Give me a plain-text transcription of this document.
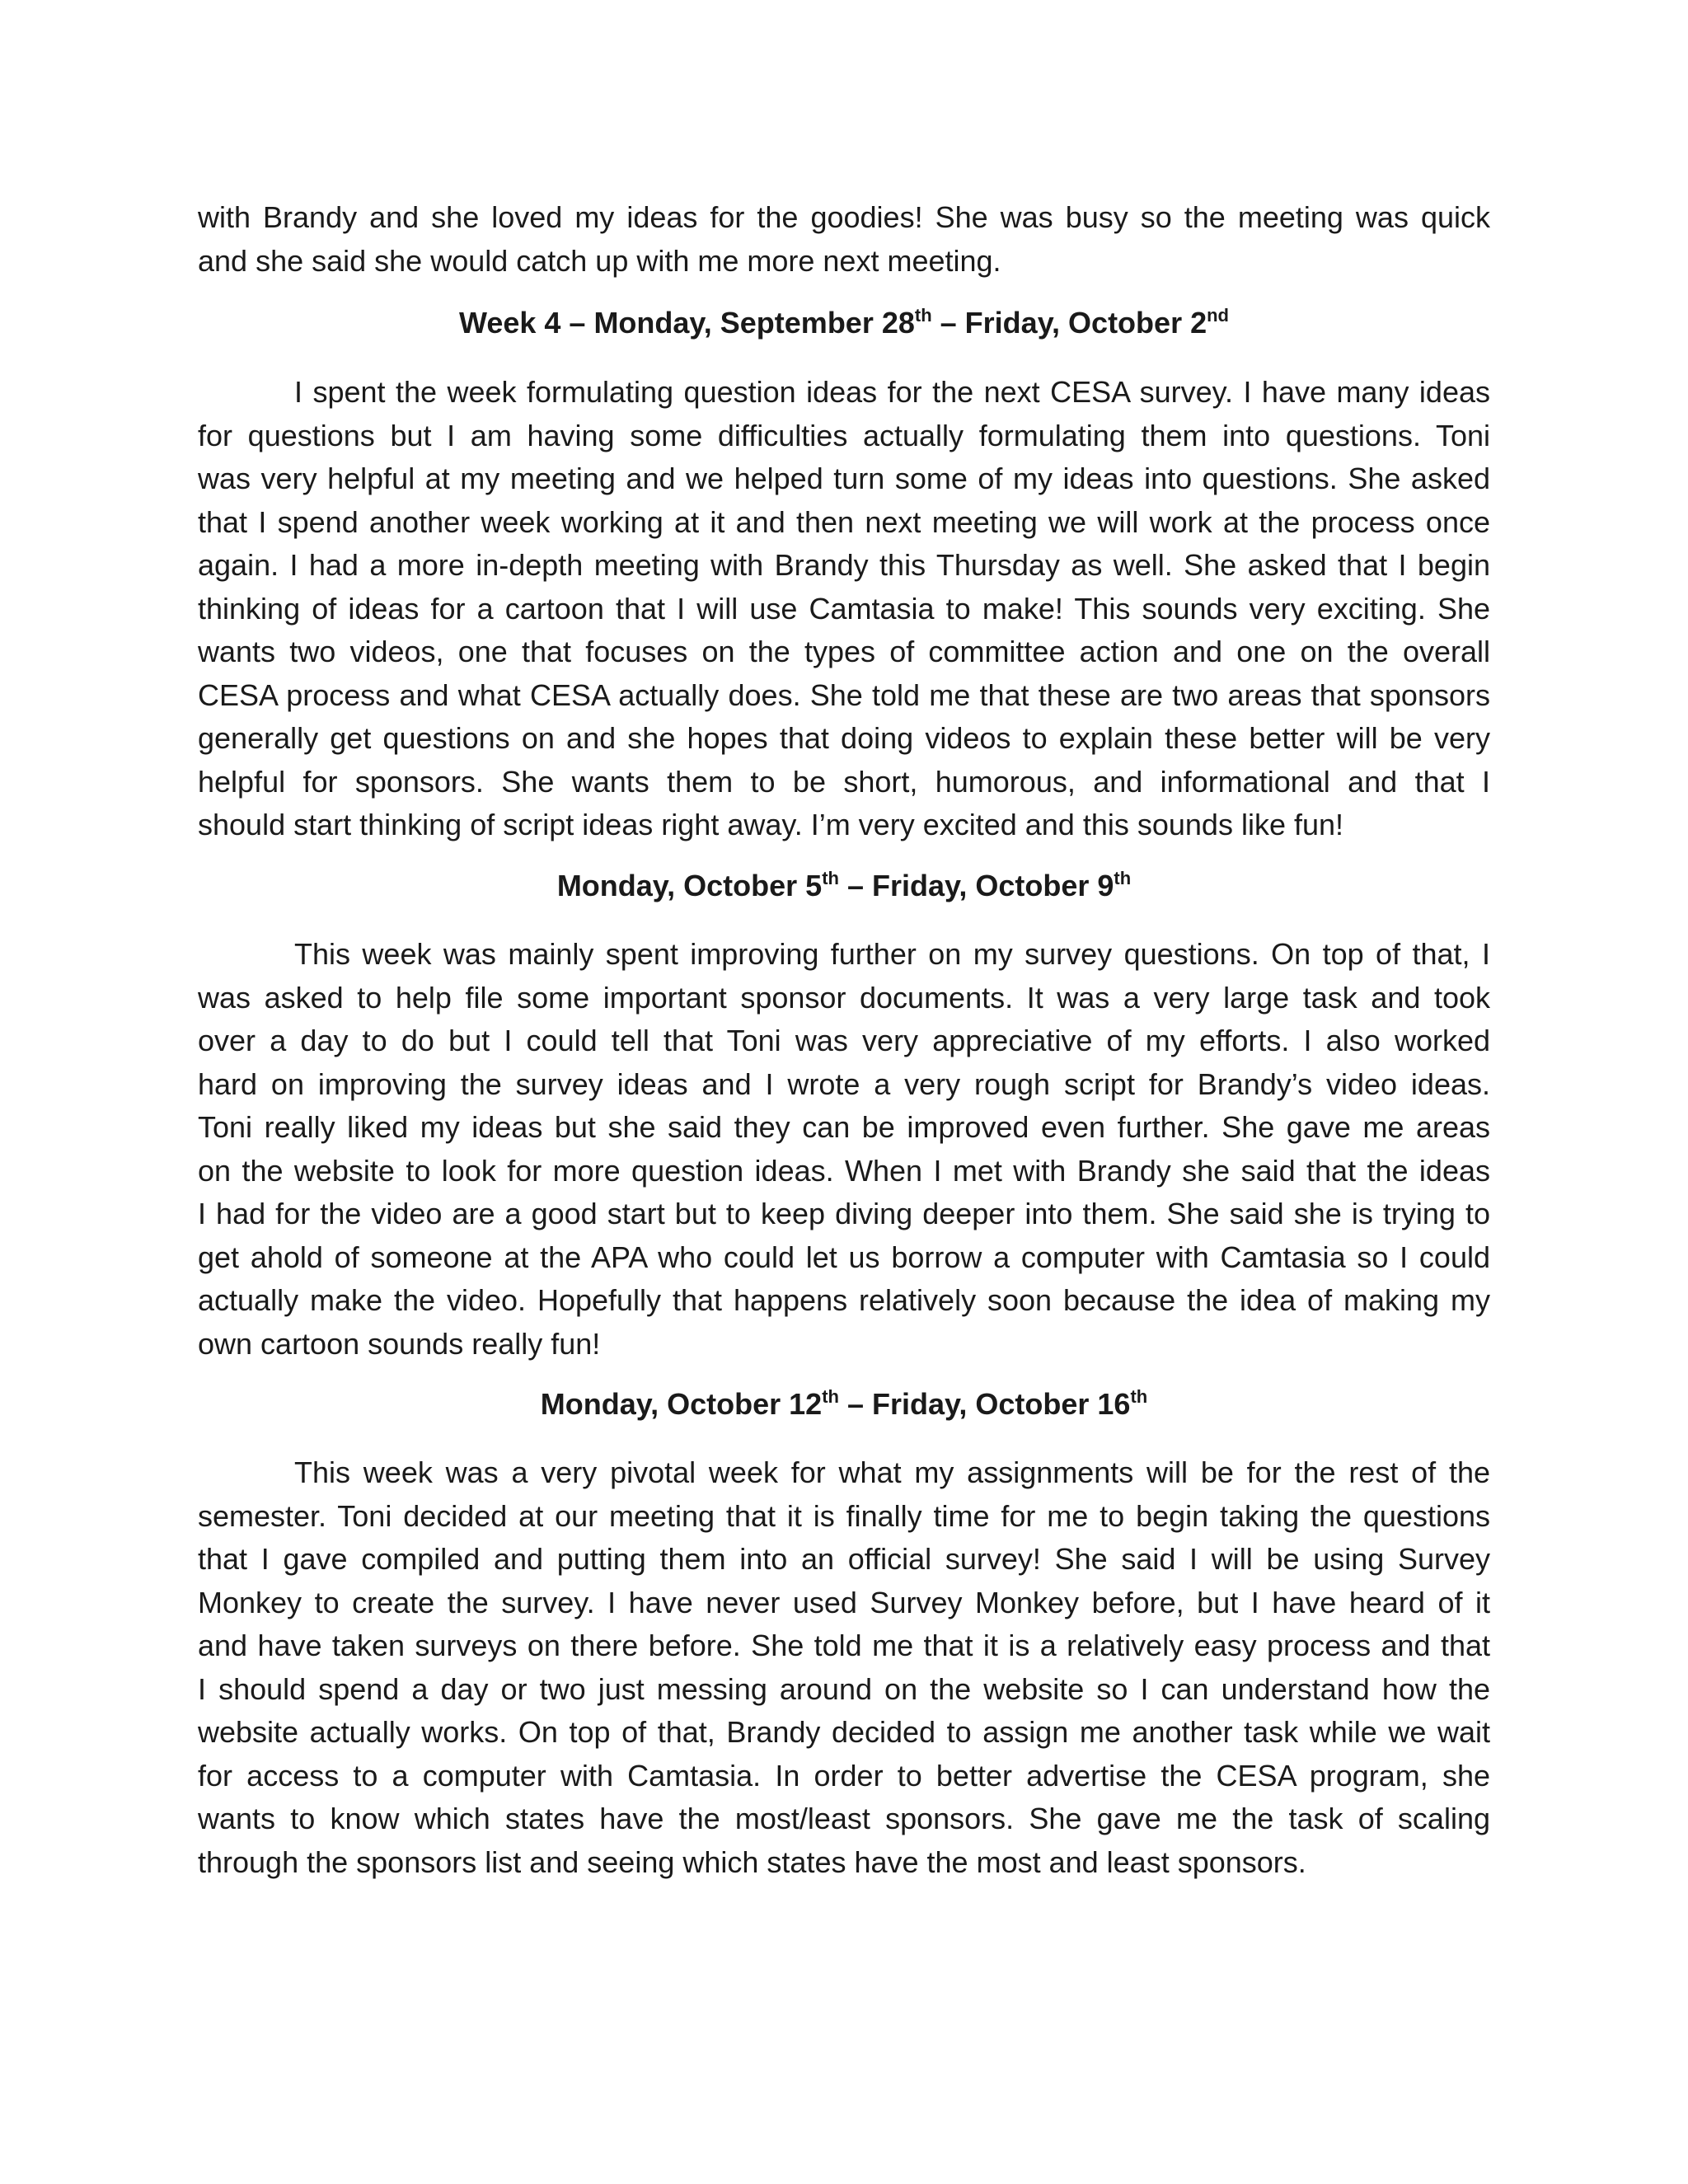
with Brandy and she loved my ideas for the goodies! She was busy so the meeting was quick
and she said she would catch up with me more next meeting.
Week 4 – Monday, September 28th – Friday, October 2nd
I spent the week formulating question ideas for the next CESA survey. I have many ideas
for questions but I am having some difficulties actually formulating them into questions. Toni
was very helpful at my meeting and we helped turn some of my ideas into questions. She asked
that I spend another week working at it and then next meeting we will work at the process once
again. I had a more in-depth meeting with Brandy this Thursday as well. She asked that I begin
thinking of ideas for a cartoon that I will use Camtasia to make! This sounds very exciting. She
wants two videos, one that focuses on the types of committee action and one on the overall
CESA process and what CESA actually does. She told me that these are two areas that sponsors
generally get questions on and she hopes that doing videos to explain these better will be very
helpful for sponsors. She wants them to be short, humorous, and informational and that I
should start thinking of script ideas right away. I’m very excited and this sounds like fun!
Monday, October 5th – Friday, October 9th
This week was mainly spent improving further on my survey questions. On top of that, I
was asked to help file some important sponsor documents. It was a very large task and took
over a day to do but I could tell that Toni was very appreciative of my efforts. I also worked
hard on improving the survey ideas and I wrote a very rough script for Brandy’s video ideas.
Toni really liked my ideas but she said they can be improved even further. She gave me areas
on the website to look for more question ideas. When I met with Brandy she said that the ideas
I had for the video are a good start but to keep diving deeper into them. She said she is trying to
get ahold of someone at the APA who could let us borrow a computer with Camtasia so I could
actually make the video. Hopefully that happens relatively soon because the idea of making my
own cartoon sounds really fun!
Monday, October 12th – Friday, October 16th
This week was a very pivotal week for what my assignments will be for the rest of the
semester. Toni decided at our meeting that it is finally time for me to begin taking the questions
that I gave compiled and putting them into an official survey! She said I will be using Survey
Monkey to create the survey. I have never used Survey Monkey before, but I have heard of it
and have taken surveys on there before. She told me that it is a relatively easy process and that
I should spend a day or two just messing around on the website so I can understand how the
website actually works. On top of that, Brandy decided to assign me another task while we wait
for access to a computer with Camtasia. In order to better advertise the CESA program, she
wants to know which states have the most/least sponsors. She gave me the task of scaling
through the sponsors list and seeing which states have the most and least sponsors.
